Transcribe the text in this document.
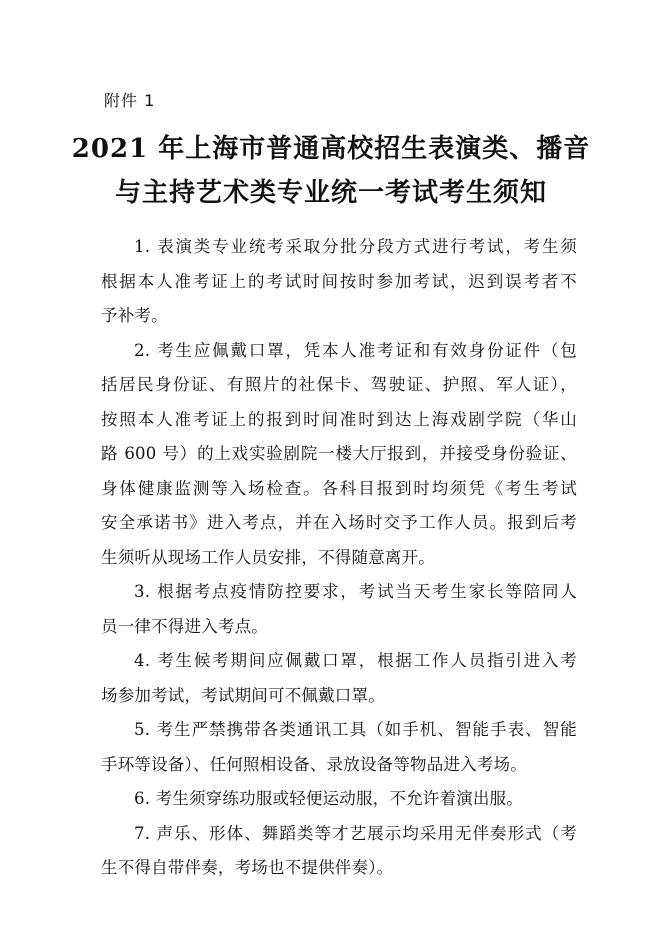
附件 1
2021 年上海市普通高校招生表演类、播音
与主持艺术类专业统一考试考生须知
1. 表演类专业统考采取分批分段方式进行考试，考生须
根据本人准考证上的考试时间按时参加考试，迟到误考者不
予补考。
2. 考生应佩戴口罩，凭本人准考证和有效身份证件（包
括居民身份证、有照片的社保卡、驾驶证、护照、军人证），
按照本人准考证上的报到时间准时到达上海戏剧学院（华山
路 600 号）的上戏实验剧院一楼大厅报到，并接受身份验证、
身体健康监测等入场检查。各科目报到时均须凭《考生考试
安全承诺书》进入考点，并在入场时交予工作人员。报到后考
生须听从现场工作人员安排，不得随意离开。
3. 根据考点疫情防控要求，考试当天考生家长等陪同人
员一律不得进入考点。
4. 考生候考期间应佩戴口罩，根据工作人员指引进入考
场参加考试，考试期间可不佩戴口罩。
5. 考生严禁携带各类通讯工具（如手机、智能手表、智能
手环等设备）、任何照相设备、录放设备等物品进入考场。
6. 考生须穿练功服或轻便运动服，不允许着演出服。
7. 声乐、形体、舞蹈类等才艺展示均采用无伴奏形式（考
生不得自带伴奏，考场也不提供伴奏）。
